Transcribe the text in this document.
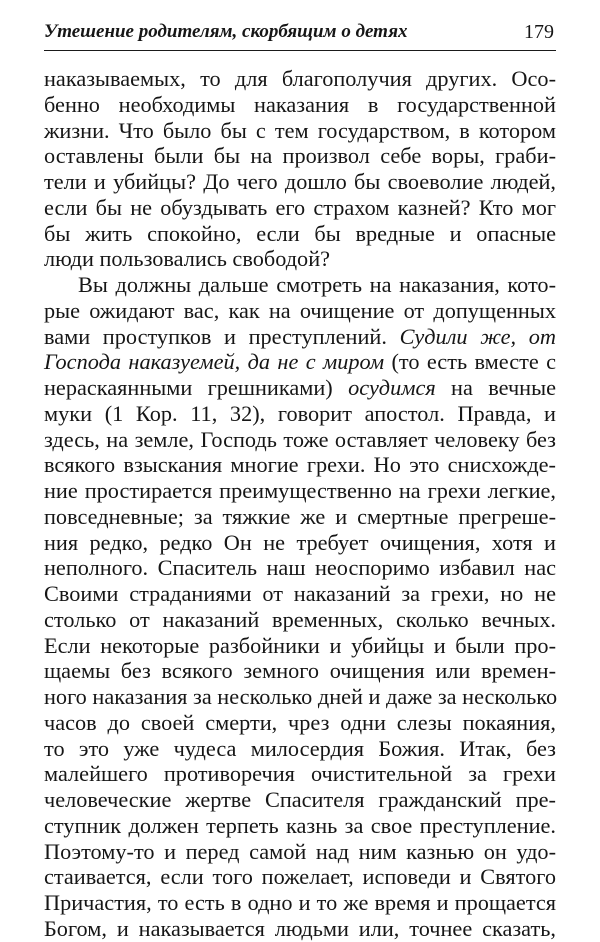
Утешение родителям, скорбящим о детях	179
наказываемых, то для благополучия других. Осо-
бенно необходимы наказания в государственной
жизни. Что было бы с тем государством, в котором
оставлены были бы на произвол себе воры, граби-
тели и убийцы? До чего дошло бы своеволие людей,
если бы не обуздывать его страхом казней? Кто мог
бы жить спокойно, если бы вредные и опасные
люди пользовались свободой?
Вы должны дальше смотреть на наказания, кото-
рые ожидают вас, как на очищение от допущенных
вами проступков и преступлений. Судили же, от
Господа наказуемей, да не с миром (то есть вместе с
нераскаянными грешниками) осудимся на вечные
муки (1 Кор. 11, 32), говорит апостол. Правда, и
здесь, на земле, Господь тоже оставляет человеку без
всякого взыскания многие грехи. Но это снисхожде-
ние простирается преимущественно на грехи легкие,
повседневные; за тяжкие же и смертные прегреше-
ния редко, редко Он не требует очищения, хотя и
неполного. Спаситель наш неоспоримо избавил нас
Своими страданиями от наказаний за грехи, но не
столько от наказаний временных, сколько вечных.
Если некоторые разбойники и убийцы и были про-
щаемы без всякого земного очищения или времен-
ного наказания за несколько дней и даже за несколько
часов до своей смерти, чрез одни слезы покаяния,
то это уже чудеса милосердия Божия. Итак, без
малейшего противоречия очистительной за грехи
человеческие жертве Спасителя гражданский пре-
ступник должен терпеть казнь за свое преступление.
Поэтому-то и перед самой над ним казнью он удо-
стаивается, если того пожелает, исповеди и Святого
Причастия, то есть в одно и то же время и прощается
Богом, и наказывается людьми или, точнее сказать,
